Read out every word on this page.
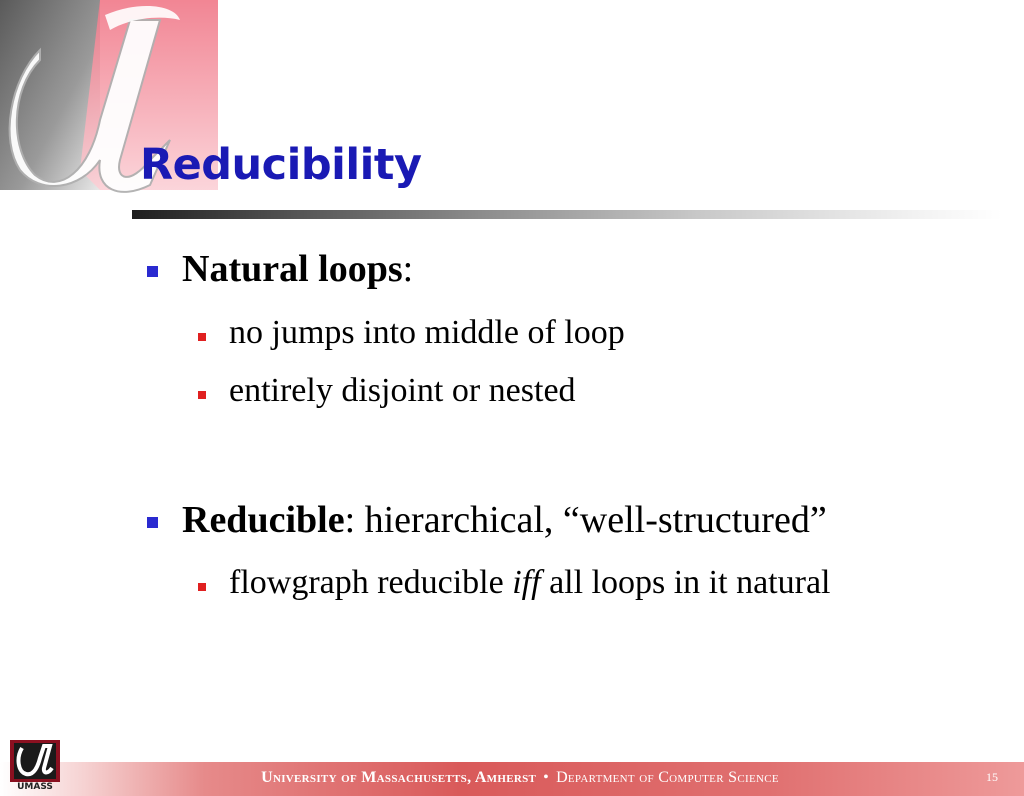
Reducibility
Natural loops:
no jumps into middle of loop
entirely disjoint or nested
Reducible: hierarchical, “well-structured”
flowgraph reducible iff all loops in it natural
UMASS
University of Massachusetts, Amherst • Department of Computer Science	15
